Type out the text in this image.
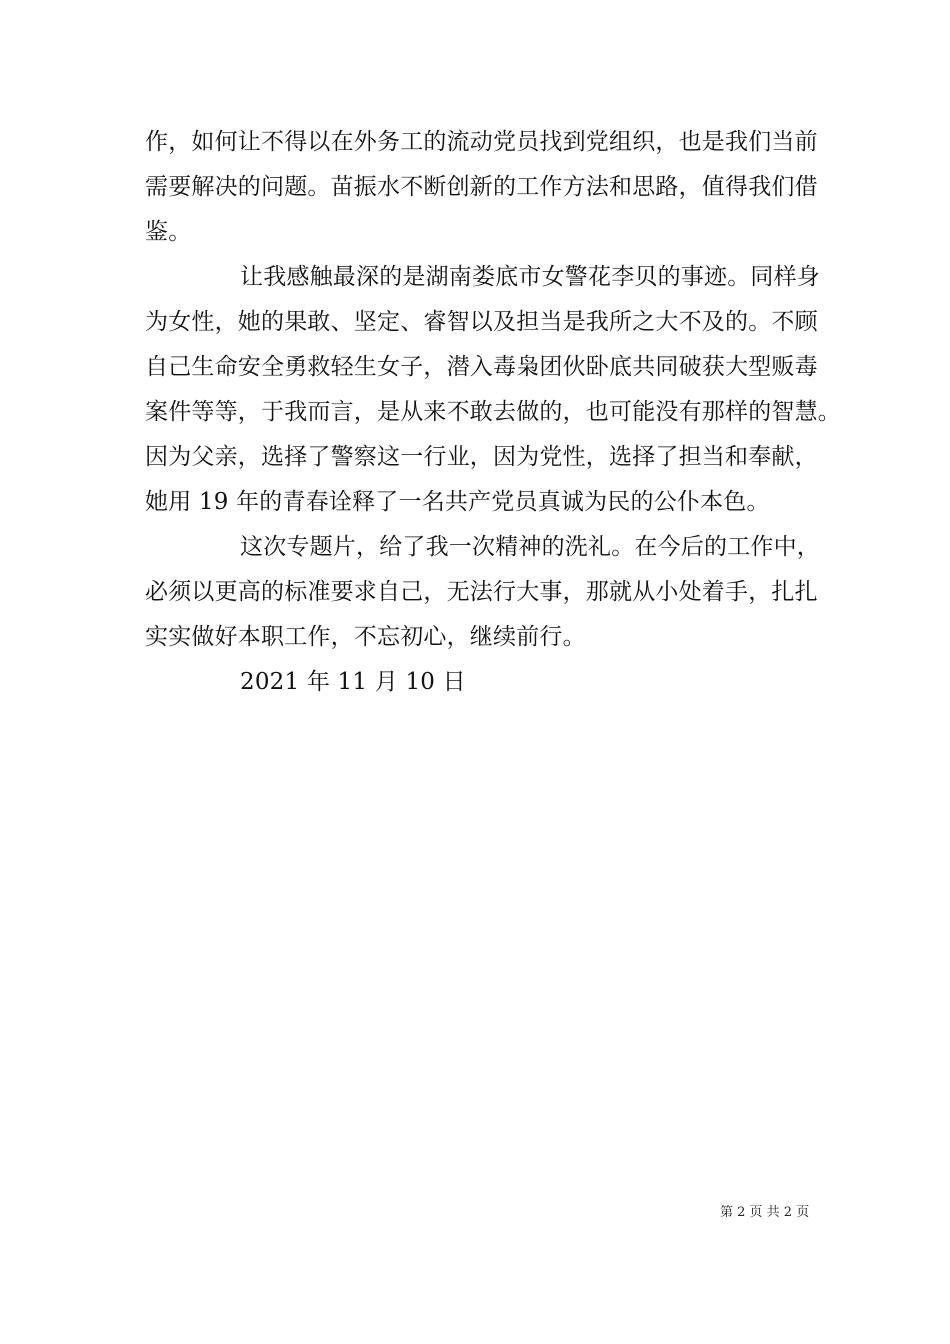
作，如何让不得以在外务工的流动党员找到党组织，也是我们当前
需要解决的问题。苗振水不断创新的工作方法和思路，值得我们借
鉴。
让我感触最深的是湖南娄底市女警花李贝的事迹。同样身
为女性，她的果敢、坚定、睿智以及担当是我所之大不及的。不顾
自己生命安全勇救轻生女子，潜入毒枭团伙卧底共同破获大型贩毒
案件等等，于我而言，是从来不敢去做的，也可能没有那样的智慧。
因为父亲，选择了警察这一行业，因为党性，选择了担当和奉献，
她用 19 年的青春诠释了一名共产党员真诚为民的公仆本色。
这次专题片，给了我一次精神的洗礼。在今后的工作中，
必须以更高的标准要求自己，无法行大事，那就从小处着手，扎扎
实实做好本职工作，不忘初心，继续前行。
2021 年 11 月 10 日
第 2 页 共 2 页
